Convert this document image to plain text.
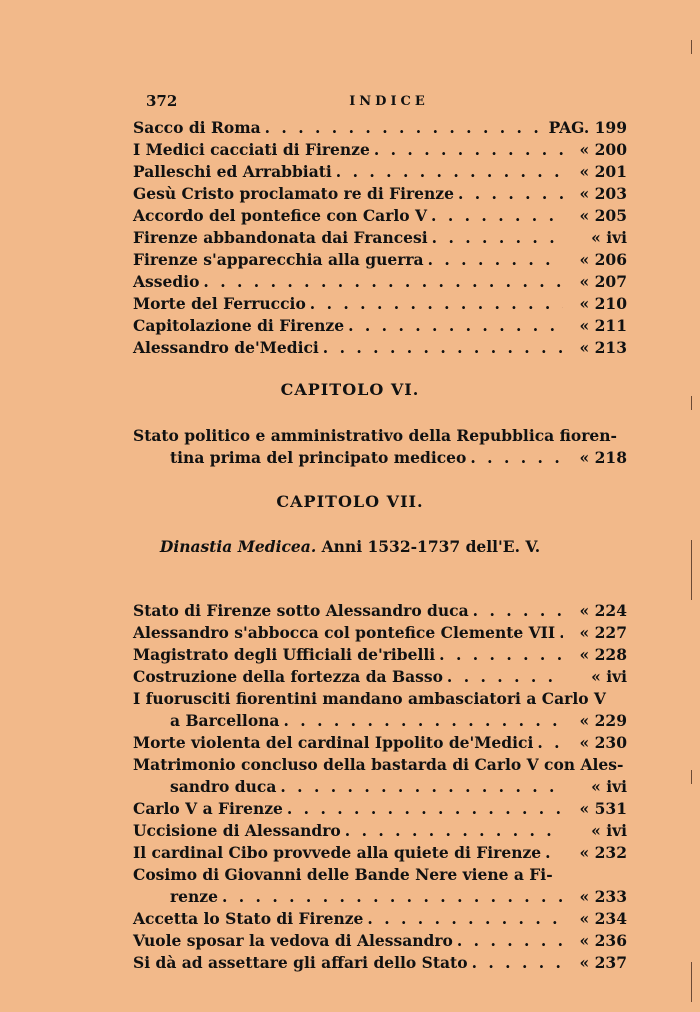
372	INDICE
Sacco di Roma . . .	PAG. 199
I Medici cacciati di Firenze . . .	« 200
Palleschi ed Arrabbiati . . .	« 201
Gesù Cristo proclamato re di Firenze . . .	« 203
Accordo del pontefice con Carlo V . . .	« 205
Firenze abbandonata dai Francesi . . .	« ivi
Firenze s'apparecchia alla guerra . . .	« 206
Assedio . . .	« 207
Morte del Ferruccio . . .	« 210
Capitolazione di Firenze . . .	« 211
Alessandro de'Medici . . .	« 213
CAPITOLO VI.
Stato politico e amministrativo della Repubblica fioren-
tina prima del principato mediceo . . .	« 218
CAPITOLO VII.
Dinastia Medicea. Anni 1532-1737 dell'E. V.
Stato di Firenze sotto Alessandro duca . . .	« 224
Alessandro s'abbocca col pontefice Clemente VII . . .	« 227
Magistrato degli Ufficiali de'ribelli . . .	« 228
Costruzione della fortezza da Basso . . .	« ivi
I fuorusciti fiorentini mandano ambasciatori a Carlo V
a Barcellona . . .	« 229
Morte violenta del cardinal Ippolito de'Medici . . .	« 230
Matrimonio concluso della bastarda di Carlo V con Ales-
sandro duca . . .	« ivi
Carlo V a Firenze . . .	« 531
Uccisione di Alessandro . . .	« ivi
Il cardinal Cibo provvede alla quiete di Firenze . . .	« 232
Cosimo di Giovanni delle Bande Nere viene a Fi-
renze . . .	« 233
Accetta lo Stato di Firenze . . .	« 234
Vuole sposar la vedova di Alessandro . . .	« 236
Si dà ad assettare gli affari dello Stato . . .	« 237
